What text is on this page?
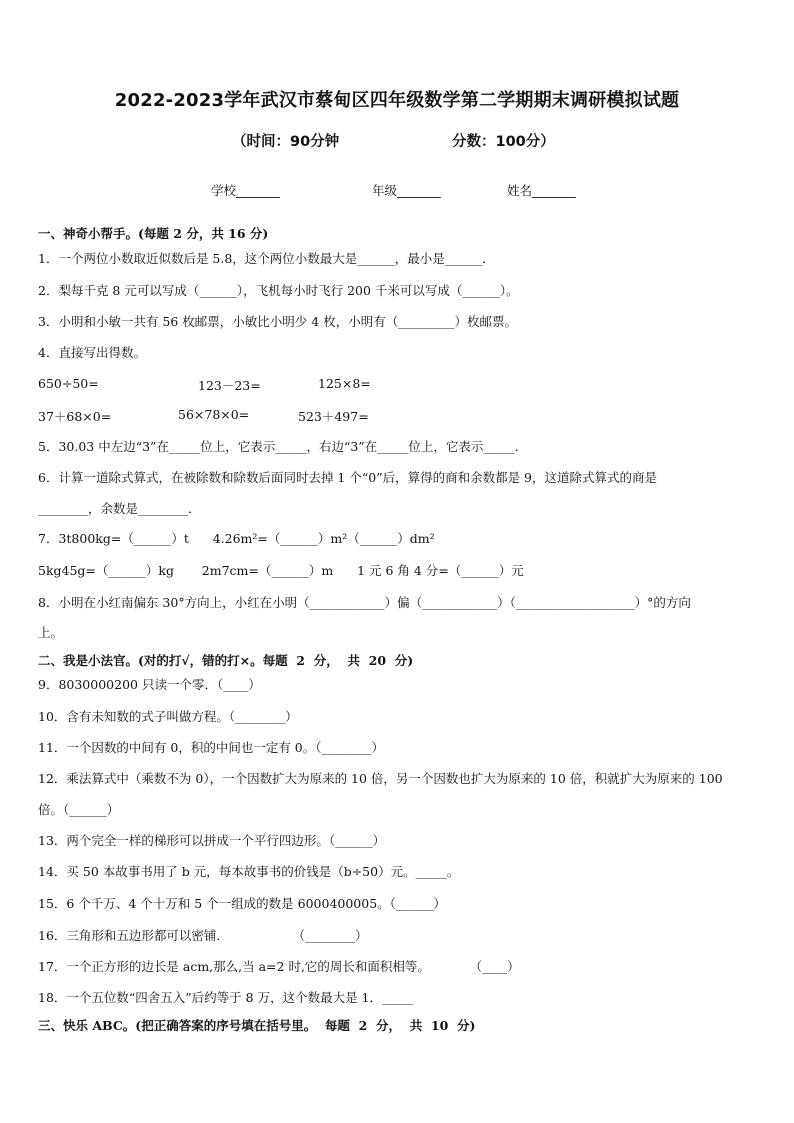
2022-2023学年武汉市蔡甸区四年级数学第二学期期末调研模拟试题
（时间：90分钟	分数：100分）
学校_______	年级_______	姓名_______
一、神奇小帮手。(每题 2 分，共 16 分)
1．一个两位小数取近似数后是 5.8，这个两位小数最大是______，最小是______．
2．梨每千克 8 元可以写成（______），飞机每小时飞行 200 千米可以写成（______）。
3．小明和小敏一共有 56 枚邮票，小敏比小明少 4 枚，小明有（_________）枚邮票。
4．直接写出得数。
650÷50=	123－23=	125×8=
37＋68×0=	56×78×0=	523＋497=
5．30.03 中左边“3”在_____位上，它表示_____，右边“3”在_____位上，它表示_____．
6．计算一道除式算式，在被除数和除数后面同时去掉 1 个“0”后，算得的商和余数都是 9，这道除式算式的商是
________，余数是________．
7．3t800kg=（______）t      4.26m²=（______）m²（______）dm²
5kg45g=（______）kg       2m7cm=（______）m      1 元 6 角 4 分=（______）元
8．小明在小红南偏东 30°方向上，小红在小明（____________）偏（____________）（___________________）°的方向
上。
二、我是小法官。(对的打√，错的打×。每题  2  分，  共  20  分)
9．8030000200 只读一个零．（____）
10．含有未知数的式子叫做方程。（________）
11．一个因数的中间有 0，积的中间也一定有 0。（________）
12．乘法算式中（乘数不为 0），一个因数扩大为原来的 10 倍，另一个因数也扩大为原来的 10 倍，积就扩大为原来的 100
倍。（______）
13．两个完全一样的梯形可以拼成一个平行四边形。（______）
14．买 50 本故事书用了 b 元，每本故事书的价钱是（b÷50）元。_____。
15．6 个千万、4 个十万和 5 个一组成的数是 6000400005。（______）
16．三角形和五边形都可以密铺．                （________）
17．一个正方形的边长是 acm,那么,当 a=2 时,它的周长和面积相等。          （____）
18．一个五位数“四舍五入”后约等于 8 万，这个数最大是 1．_____
三、快乐 ABC。(把正确答案的序号填在括号里。  每题  2  分，  共  10  分)
